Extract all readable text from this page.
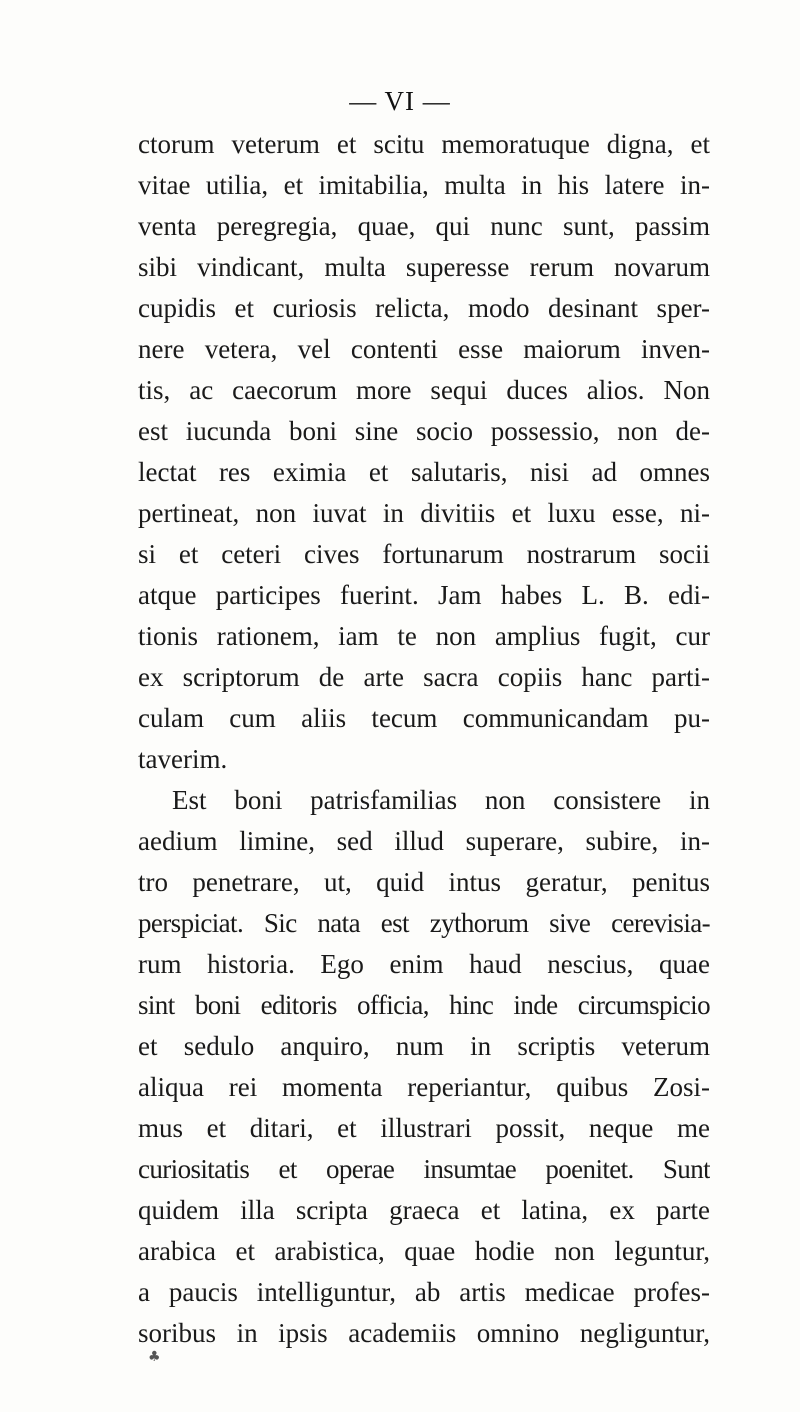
— VI —
ctorum veterum et scitu memoratuque digna, et
vitae utilia, et imitabilia, multa in his latere in-
venta peregregia, quae, qui nunc sunt, passim
sibi vindicant, multa superesse rerum novarum
cupidis et curiosis relicta, modo desinant sper-
nere vetera, vel contenti esse maiorum inven-
tis, ac caecorum more sequi duces alios. Non
est iucunda boni sine socio possessio, non de-
lectat res eximia et salutaris, nisi ad omnes
pertineat, non iuvat in divitiis et luxu esse, ni-
si et ceteri cives fortunarum nostrarum socii
atque participes fuerint. Jam habes L. B. edi-
tionis rationem, iam te non amplius fugit, cur
ex scriptorum de arte sacra copiis hanc parti-
culam cum aliis tecum communicandam pu-
taverim.
Est boni patrisfamilias non consistere in
aedium limine, sed illud superare, subire, in-
tro penetrare, ut, quid intus geratur, penitus
perspiciat. Sic nata est zythorum sive cerevisia-
rum historia. Ego enim haud nescius, quae
sint boni editoris officia, hinc inde circumspicio
et sedulo anquiro, num in scriptis veterum
aliqua rei momenta reperiantur, quibus Zosi-
mus et ditari, et illustrari possit, neque me
curiositatis et operae insumtae poenitet. Sunt
quidem illa scripta graeca et latina, ex parte
arabica et arabistica, quae hodie non leguntur,
a paucis intelliguntur, ab artis medicae profes-
soribus in ipsis academiis omnino negliguntur,
♣
